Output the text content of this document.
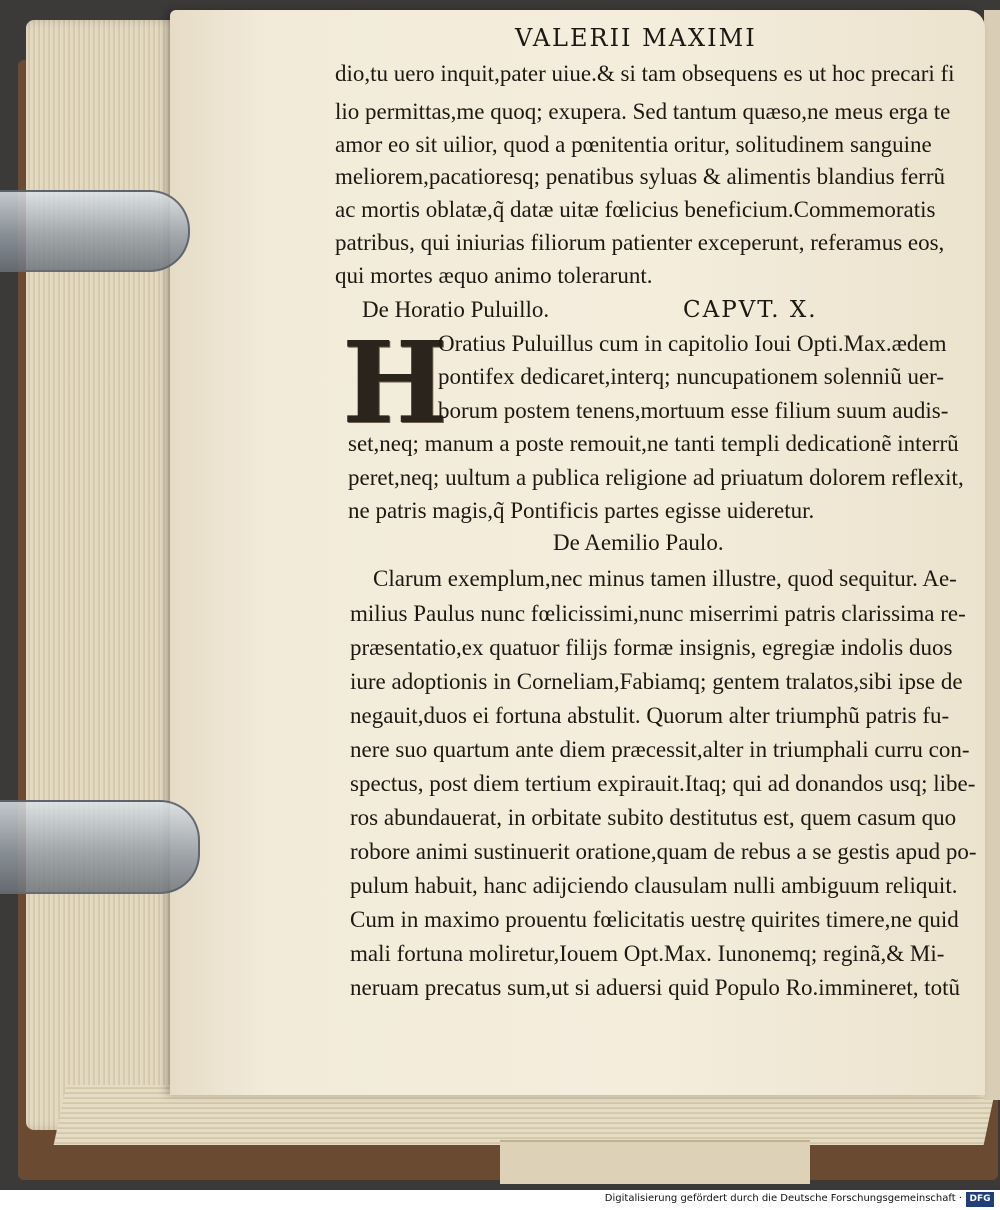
VALERII MAXIMI
dio,tu uero inquit,pater uiue.& si tam obsequens es ut hoc precari fi
lio permittas,me quoq; exupera. Sed tantum quæso,ne meus erga te
amor eo sit uilior, quod a pœnitentia oritur, solitudinem sanguine
meliorem,pacatioresq; penatibus syluas & alimentis blandius ferrũ
ac mortis oblatæ,q̃ datæ uitæ fœlicius beneficium.Commemoratis
patribus, qui iniurias filiorum patienter exceperunt, referamus eos,
qui mortes æquo animo tolerarunt.
De Horatio Puluillo.	CAPVT. X.
H
Oratius Puluillus cum in capitolio Ioui Opti.Max.ædem
pontifex dedicaret,interq; nuncupationem solenniũ uer-
borum postem tenens,mortuum esse filium suum audis-
set,neq; manum a poste remouit,ne tanti templi dedicationẽ interrũ
peret,neq; uultum a publica religione ad priuatum dolorem reflexit,
ne patris magis,q̃ Pontificis partes egisse uideretur.
De Aemilio Paulo.
Clarum exemplum,nec minus tamen illustre, quod sequitur. Ae-
milius Paulus nunc fœlicissimi,nunc miserrimi patris clarissima re-
præsentatio,ex quatuor filijs formæ insignis, egregiæ indolis duos
iure adoptionis in Corneliam,Fabiamq; gentem tralatos,sibi ipse de
negauit,duos ei fortuna abstulit. Quorum alter triumphũ patris fu-
nere suo quartum ante diem præcessit,alter in triumphali curru con-
spectus, post diem tertium expirauit.Itaq; qui ad donandos usq; libe-
ros abundauerat, in orbitate subito destitutus est, quem casum quo
robore animi sustinuerit oratione,quam de rebus a se gestis apud po-
pulum habuit, hanc adijciendo clausulam nulli ambiguum reliquit.
Cum in maximo prouentu fœlicitatis uestrę quirites timere,ne quid
mali fortuna moliretur,Iouem Opt.Max. Iunonemq; reginã,& Mi-
neruam precatus sum,ut si aduersi quid Populo Ro.immineret, totũ
Digitalisierung gefördert durch die Deutsche Forschungsgemeinschaft · DFG
